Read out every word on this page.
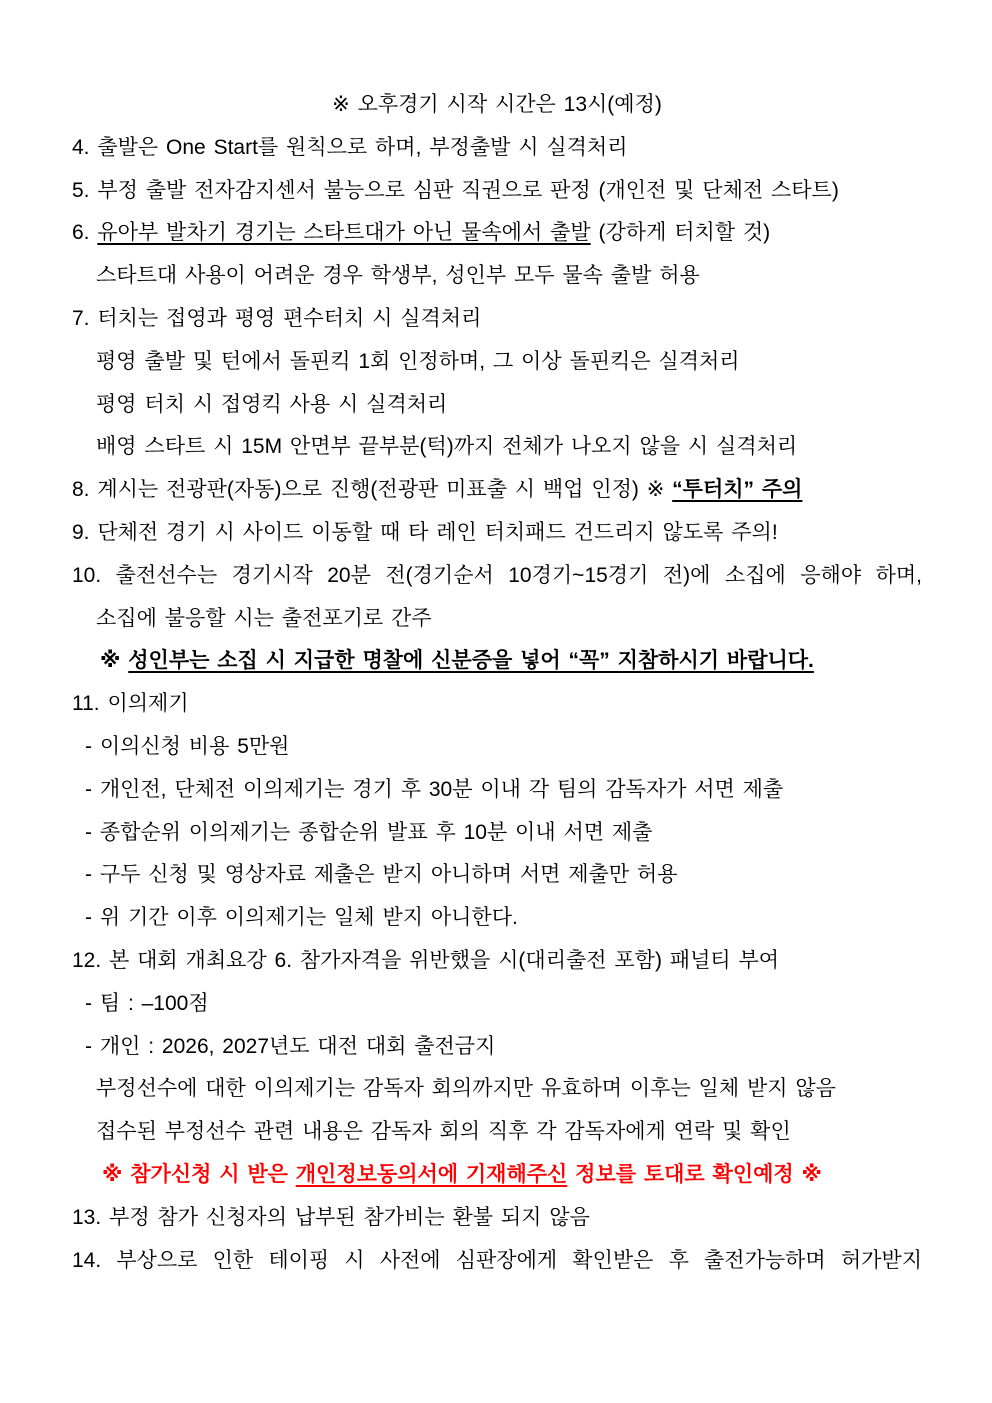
※ 오후경기 시작 시간은 13시(예정)
4. 출발은 One Start를 원칙으로 하며, 부정출발 시 실격처리
5. 부정 출발 전자감지센서 불능으로 심판 직권으로 판정 (개인전 및 단체전 스타트)
6. 유아부 발차기 경기는 스타트대가 아닌 물속에서 출발 (강하게 터치할 것)
스타트대 사용이 어려운 경우 학생부, 성인부 모두 물속 출발 허용
7. 터치는 접영과 평영 편수터치 시 실격처리
평영 출발 및 턴에서 돌핀킥 1회 인정하며, 그 이상 돌핀킥은 실격처리
평영 터치 시 접영킥 사용 시 실격처리
배영 스타트 시 15M 안면부 끝부분(턱)까지 전체가 나오지 않을 시 실격처리
8. 계시는 전광판(자동)으로 진행(전광판 미표출 시 백업 인정) ※ “투터치” 주의
9. 단체전 경기 시 사이드 이동할 때 타 레인 터치패드 건드리지 않도록 주의!
10. 출전선수는 경기시작 20분 전(경기순서 10경기~15경기 전)에 소집에 응해야 하며,
소집에 불응할 시는 출전포기로 간주
※ 성인부는 소집 시 지급한 명찰에 신분증을 넣어 “꼭” 지참하시기 바랍니다.
11. 이의제기
- 이의신청 비용 5만원
- 개인전, 단체전 이의제기는 경기 후 30분 이내 각 팀의 감독자가 서면 제출
- 종합순위 이의제기는 종합순위 발표 후 10분 이내 서면 제출
- 구두 신청 및 영상자료 제출은 받지 아니하며 서면 제출만 허용
- 위 기간 이후 이의제기는 일체 받지 아니한다.
12. 본 대회 개최요강 6. 참가자격을 위반했을 시(대리출전 포함) 패널티 부여
- 팀 : –100점
- 개인 : 2026, 2027년도 대전 대회 출전금지
부정선수에 대한 이의제기는 감독자 회의까지만 유효하며 이후는 일체 받지 않음
접수된 부정선수 관련 내용은 감독자 회의 직후 각 감독자에게 연락 및 확인
※ 참가신청 시 받은 개인정보동의서에 기재해주신 정보를 토대로 확인예정 ※
13. 부정 참가 신청자의 납부된 참가비는 환불 되지 않음
14. 부상으로 인한 테이핑 시 사전에 심판장에게 확인받은 후 출전가능하며 허가받지
